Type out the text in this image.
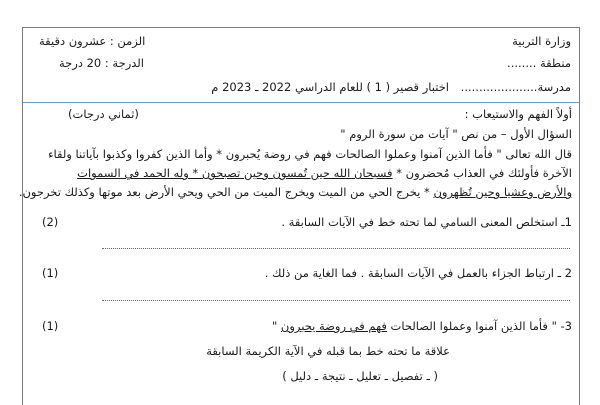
وزارة التربية
منطقة ........
مدرسة.....................
الزمن : عشرون دقيقة
الدرجة : 20 درجة
اختبار قصير ( 1 ) للعام الدراسي 2022 ـ 2023 م
أولاً الفهم والاستيعاب :
(ثماني درجات)
السؤال الأول – من نص " آيات من سورة الروم "
قال الله تعالى " فأما الذين آمنوا وعملوا الصالحات فهم في روضة يُحبرون * وأما الذين كفروا وكذبوا بآياتنا ولقاء
الآخرة فأولئك في العذاب مُحضرون * فسبحان الله حين تُمسون وحين تصبحون * وله الحمد في السموات
والأرض وعشيا وحين تُظهرون * يخرج الحي من الميت ويخرج الميت من الحي ويحي الأرض بعد موتها وكذلك تخرجون.
1ـ استخلص المعنى السامي لما تحته خط في الآيات السابقة .
(2)
2 ـ ارتباط الجزاء بالعمل في الآيات السابقة . فما الغاية من ذلك .
(1)
3- " فأما الذين آمنوا وعملوا الصالحات فهم في روضة يحبرون "
(1)
علاقة ما تحته خط بما قبله في الآية الكريمة السابقة
( ـ تفصيل ـ تعليل ـ نتيجة ـ دليل )
